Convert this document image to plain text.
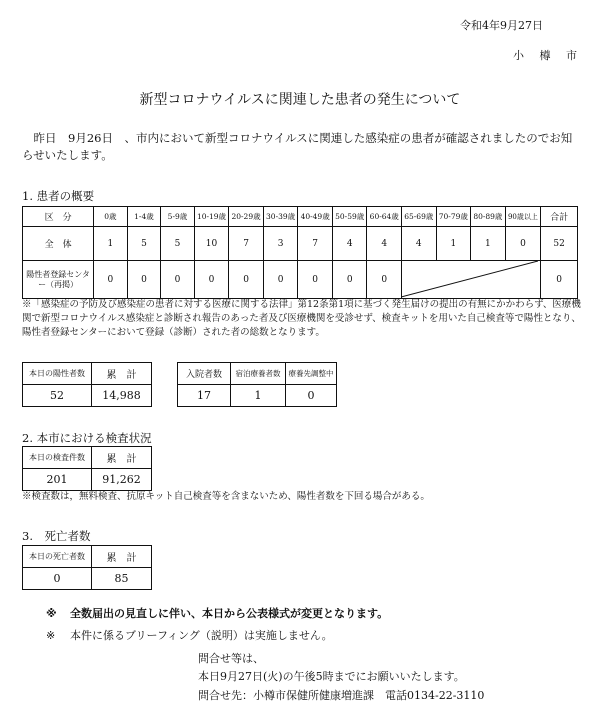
令和4年9月27日
小 樽 市
新型コロナウイルスに関連した患者の発生について
　昨日　9月26日　、市内において新型コロナウイルスに関連した感染症の患者が確認されましたのでお知らせいたします。
1. 患者の概要
区　分	0歳	1-4歳	5-9歳	10-19歳	20-29歳	30-39歳	40-49歳	50-59歳	60-64歳	65-69歳	70-79歳	80-89歳	90歳以上	合計
全　体	1	5	5	10	7	3	7	4	4	4	1	1	0	52
陽性者登録センター（再掲）	0	0	0	0	0	0	0	0	0					0
※「感染症の予防及び感染症の患者に対する医療に関する法律」第12条第1項に基づく発生届けの提出の有無にかかわらず、医療機関で新型コロナウイルス感染症と診断され報告のあった者及び医療機関を受診せず、検査キットを用いた自己検査等で陽性となり、陽性者登録センターにおいて登録（診断）された者の総数となります。
本日の陽性者数	累　計
52	14,988
入院者数	宿泊療養者数	療養先調整中
17	1	0
2. 本市における検査状況
本日の検査件数	累　計
201	91,262
※検査数は，無料検査、抗原キット自己検査等を含まないため、陽性者数を下回る場合がある。
3.　死亡者数
本日の死亡者数	累　計
0	85
※ 全数届出の見直しに伴い、本日から公表様式が変更となります。
※ 本件に係るブリーフィング（説明）は実施しません。
問合せ等は、
本日9月27日(火)の午後5時までにお願いいたします。
問合せ先：小樽市保健所健康増進課　電話0134-22-3110
